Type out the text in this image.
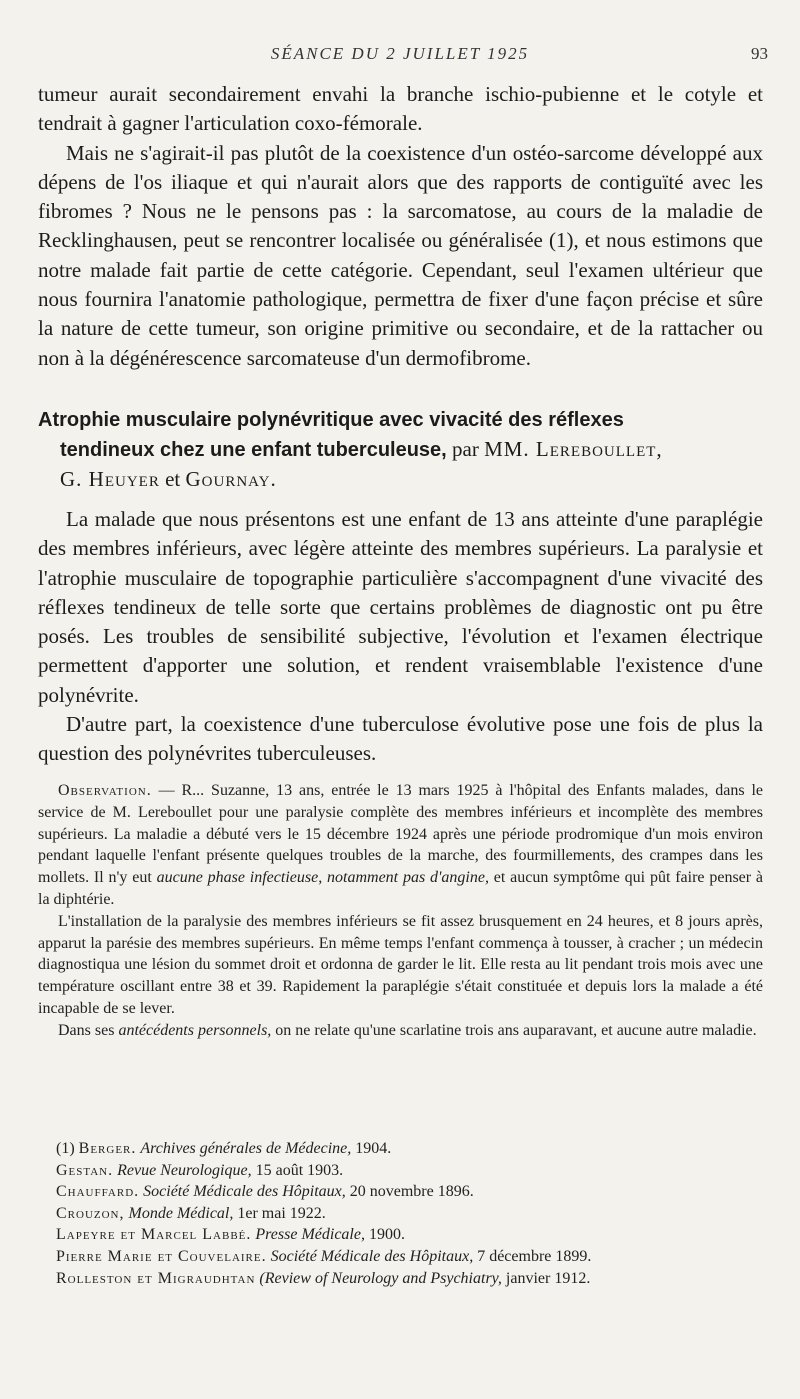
SÉANCE DU 2 JUILLET 1925	93

tumeur aurait secondairement envahi la branche ischio-pubienne et le cotyle et tendrait à gagner l'articulation coxo-fémorale.

Mais ne s'agirait-il pas plutôt de la coexistence d'un ostéo-sarcome développé aux dépens de l'os iliaque et qui n'aurait alors que des rapports de contiguïté avec les fibromes ? Nous ne le pensons pas : la sarcomatose, au cours de la maladie de Recklinghausen, peut se rencontrer localisée ou généralisée (1), et nous estimons que notre malade fait partie de cette catégorie. Cependant, seul l'examen ultérieur que nous fournira l'anatomie pathologique, permettra de fixer d'une façon précise et sûre la nature de cette tumeur, son origine primitive ou secondaire, et de la rattacher ou non à la dégénérescence sarcomateuse d'un dermofibrome.

Atrophie musculaire polynévritique avec vivacité des réflexes
tendineux chez une enfant tuberculeuse, par MM. Lereboullet,
G. Heuyer et Gournay.

La malade que nous présentons est une enfant de 13 ans atteinte d'une paraplégie des membres inférieurs, avec légère atteinte des membres supérieurs. La paralysie et l'atrophie musculaire de topographie particulière s'accompagnent d'une vivacité des réflexes tendineux de telle sorte que certains problèmes de diagnostic ont pu être posés. Les troubles de sensibilité subjective, l'évolution et l'examen électrique permettent d'apporter une solution, et rendent vraisemblable l'existence d'une polynévrite.

D'autre part, la coexistence d'une tuberculose évolutive pose une fois de plus la question des polynévrites tuberculeuses.

Observation. — R... Suzanne, 13 ans, entrée le 13 mars 1925 à l'hôpital des Enfants malades, dans le service de M. Lereboullet pour une paralysie complète des membres inférieurs et incomplète des membres supérieurs. La maladie a débuté vers le 15 décembre 1924 après une période prodromique d'un mois environ pendant laquelle l'enfant présente quelques troubles de la marche, des fourmillements, des crampes dans les mollets. Il n'y eut aucune phase infectieuse, notamment pas d'angine, et aucun symptôme qui pût faire penser à la diphtérie.

L'installation de la paralysie des membres inférieurs se fit assez brusquement en 24 heures, et 8 jours après, apparut la parésie des membres supérieurs. En même temps l'enfant commença à tousser, à cracher ; un médecin diagnostiqua une lésion du sommet droit et ordonna de garder le lit. Elle resta au lit pendant trois mois avec une température oscillant entre 38 et 39. Rapidement la paraplégie s'était constituée et depuis lors la malade a été incapable de se lever.

Dans ses antécédents personnels, on ne relate qu'une scarlatine trois ans auparavant, et aucune autre maladie.

(1) Berger. Archives générales de Médecine, 1904.
Gestan. Revue Neurologique, 15 août 1903.
Chauffard. Société Médicale des Hôpitaux, 20 novembre 1896.
Crouzon, Monde Médical, 1er mai 1922.
Lapeyre et Marcel Labbé. Presse Médicale, 1900.
Pierre Marie et Couvelaire. Société Médicale des Hôpitaux, 7 décembre 1899.
Rolleston et Migraudhtan (Review of Neurology and Psychiatry, janvier 1912.
